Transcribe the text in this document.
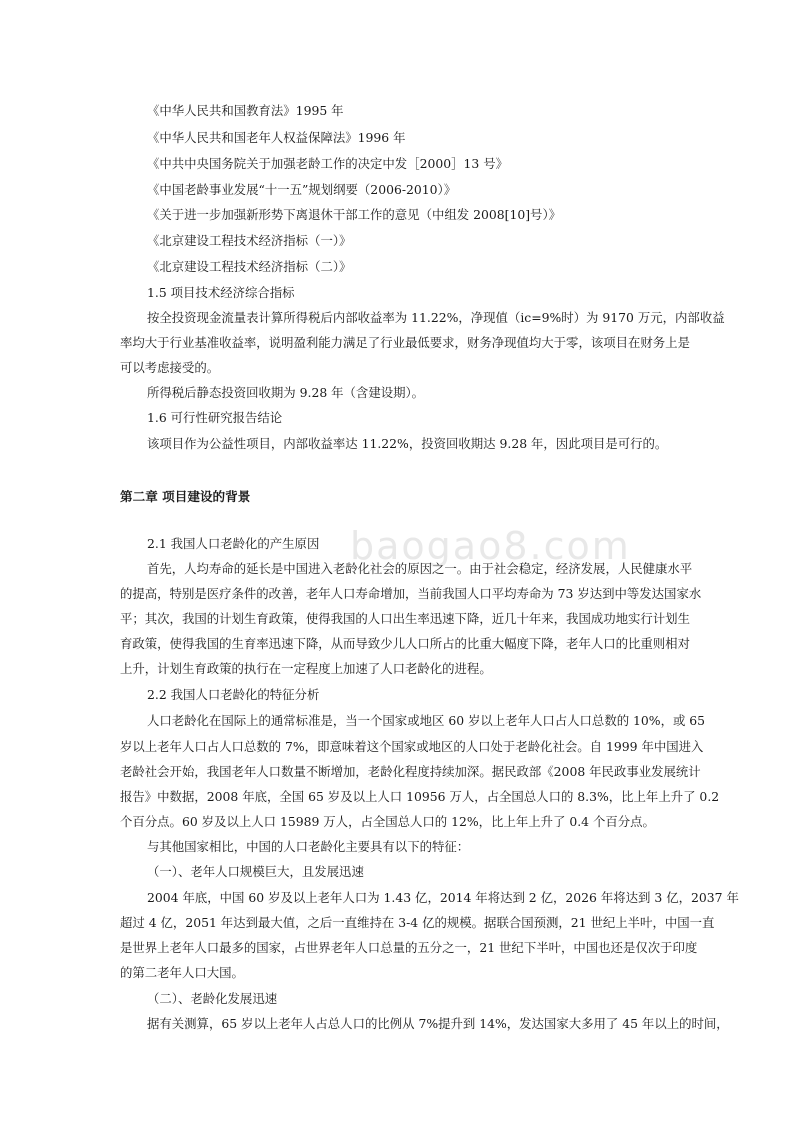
baogao8.com
《中华人民共和国教育法》1995 年
《中华人民共和国老年人权益保障法》1996 年
《中共中央国务院关于加强老龄工作的决定中发［2000］13 号》
《中国老龄事业发展“十一五”规划纲要（2006-2010）》
《关于进一步加强新形势下离退休干部工作的意见（中组发 2008[10]号）》
《北京建设工程技术经济指标（一）》
《北京建设工程技术经济指标（二）》
1.5 项目技术经济综合指标
按全投资现金流量表计算所得税后内部收益率为 11.22%，净现值（ic=9%时）为 9170 万元，内部收益
率均大于行业基准收益率，说明盈利能力满足了行业最低要求，财务净现值均大于零，该项目在财务上是
可以考虑接受的。
所得税后静态投资回收期为 9.28 年（含建设期）。
1.6 可行性研究报告结论
该项目作为公益性项目，内部收益率达 11.22%，投资回收期达 9.28 年，因此项目是可行的。
第二章 项目建设的背景
2.1 我国人口老龄化的产生原因
首先，人均寿命的延长是中国进入老龄化社会的原因之一。由于社会稳定，经济发展，人民健康水平
的提高，特别是医疗条件的改善，老年人口寿命增加，当前我国人口平均寿命为 73 岁达到中等发达国家水
平；其次，我国的计划生育政策，使得我国的人口出生率迅速下降，近几十年来，我国成功地实行计划生
育政策，使得我国的生育率迅速下降，从而导致少儿人口所占的比重大幅度下降，老年人口的比重则相对
上升，计划生育政策的执行在一定程度上加速了人口老龄化的进程。
2.2 我国人口老龄化的特征分析
人口老龄化在国际上的通常标准是，当一个国家或地区 60 岁以上老年人口占人口总数的 10%，或 65
岁以上老年人口占人口总数的 7%，即意味着这个国家或地区的人口处于老龄化社会。自 1999 年中国进入
老龄社会开始，我国老年人口数量不断增加，老龄化程度持续加深。据民政部《2008 年民政事业发展统计
报告》中数据，2008 年底，全国 65 岁及以上人口 10956 万人，占全国总人口的 8.3%，比上年上升了 0.2
个百分点。60 岁及以上人口 15989 万人，占全国总人口的 12%，比上年上升了 0.4 个百分点。
与其他国家相比，中国的人口老龄化主要具有以下的特征：
（一）、老年人口规模巨大，且发展迅速
2004 年底，中国 60 岁及以上老年人口为 1.43 亿，2014 年将达到 2 亿，2026 年将达到 3 亿，2037 年
超过 4 亿，2051 年达到最大值，之后一直维持在 3-4 亿的规模。据联合国预测，21 世纪上半叶，中国一直
是世界上老年人口最多的国家，占世界老年人口总量的五分之一，21 世纪下半叶，中国也还是仅次于印度
的第二老年人口大国。
（二）、老龄化发展迅速
据有关测算，65 岁以上老年人占总人口的比例从 7%提升到 14%，发达国家大多用了 45 年以上的时间，
